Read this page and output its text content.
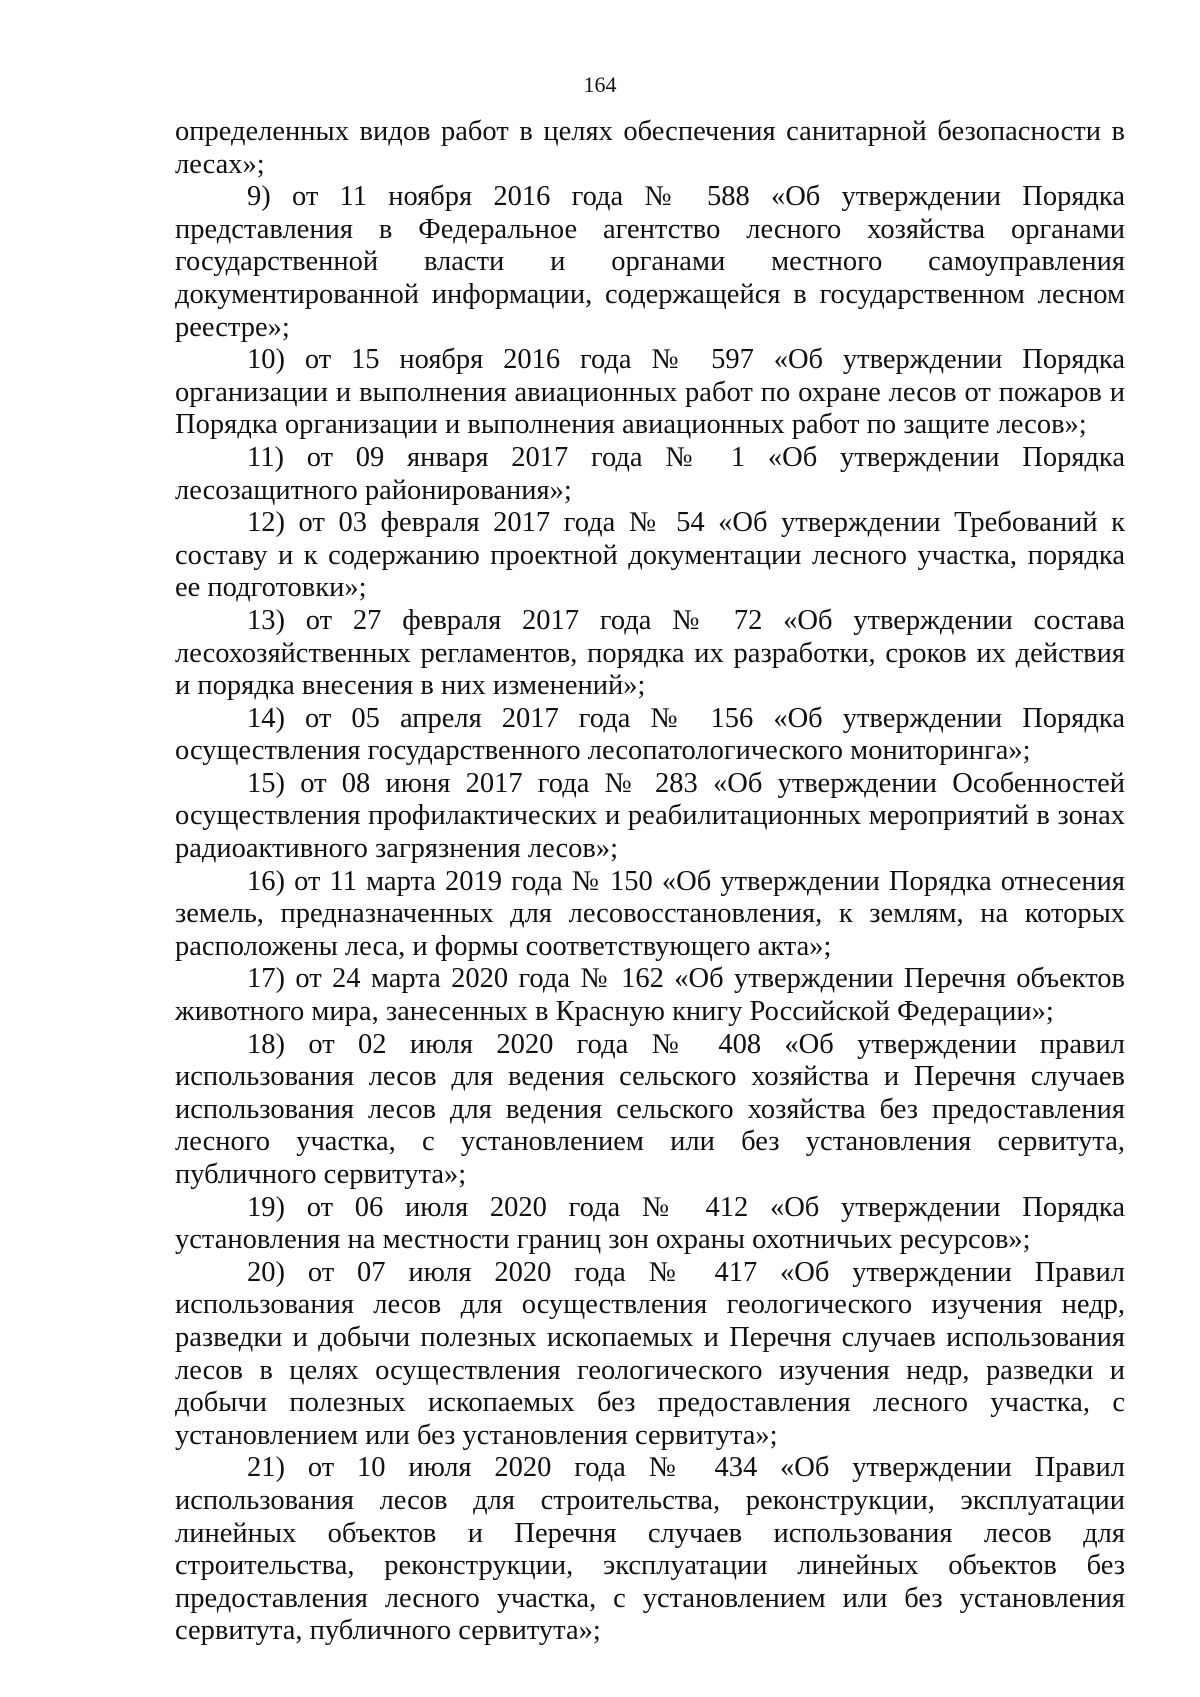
164

определенных видов работ в целях обеспечения санитарной безопасности в лесах»;

9) от 11 ноября 2016 года № 588 «Об утверждении Порядка представления в Федеральное агентство лесного хозяйства органами государственной власти и органами местного самоуправления документированной информации, содержащейся в государственном лесном реестре»;

10) от 15 ноября 2016 года № 597 «Об утверждении Порядка организации и выполнения авиационных работ по охране лесов от пожаров и Порядка организации и выполнения авиационных работ по защите лесов»;

11) от 09 января 2017 года № 1 «Об утверждении Порядка лесозащитного районирования»;

12) от 03 февраля 2017 года № 54 «Об утверждении Требований к составу и к содержанию проектной документации лесного участка, порядка ее подготовки»;

13) от 27 февраля 2017 года № 72 «Об утверждении состава лесохозяйственных регламентов, порядка их разработки, сроков их действия и порядка внесения в них изменений»;

14) от 05 апреля 2017 года № 156 «Об утверждении Порядка осуществления государственного лесопатологического мониторинга»;

15) от 08 июня 2017 года № 283 «Об утверждении Особенностей осуществления профилактических и реабилитационных мероприятий в зонах радиоактивного загрязнения лесов»;

16) от 11 марта 2019 года № 150 «Об утверждении Порядка отнесения земель, предназначенных для лесовосстановления, к землям, на которых расположены леса, и формы соответствующего акта»;

17) от 24 марта 2020 года № 162 «Об утверждении Перечня объектов животного мира, занесенных в Красную книгу Российской Федерации»;

18) от 02 июля 2020 года № 408 «Об утверждении правил использования лесов для ведения сельского хозяйства и Перечня случаев использования лесов для ведения сельского хозяйства без предоставления лесного участка, с установлением или без установления сервитута, публичного сервитута»;

19) от 06 июля 2020 года № 412 «Об утверждении Порядка установления на местности границ зон охраны охотничьих ресурсов»;

20) от 07 июля 2020 года № 417 «Об утверждении Правил использования лесов для осуществления геологического изучения недр, разведки и добычи полезных ископаемых и Перечня случаев использования лесов в целях осуществления геологического изучения недр, разведки и добычи полезных ископаемых без предоставления лесного участка, с установлением или без установления сервитута»;

21) от 10 июля 2020 года № 434 «Об утверждении Правил использования лесов для строительства, реконструкции, эксплуатации линейных объектов и Перечня случаев использования лесов для строительства, реконструкции, эксплуатации линейных объектов без предоставления лесного участка, с установлением или без установления сервитута, публичного сервитута»;
